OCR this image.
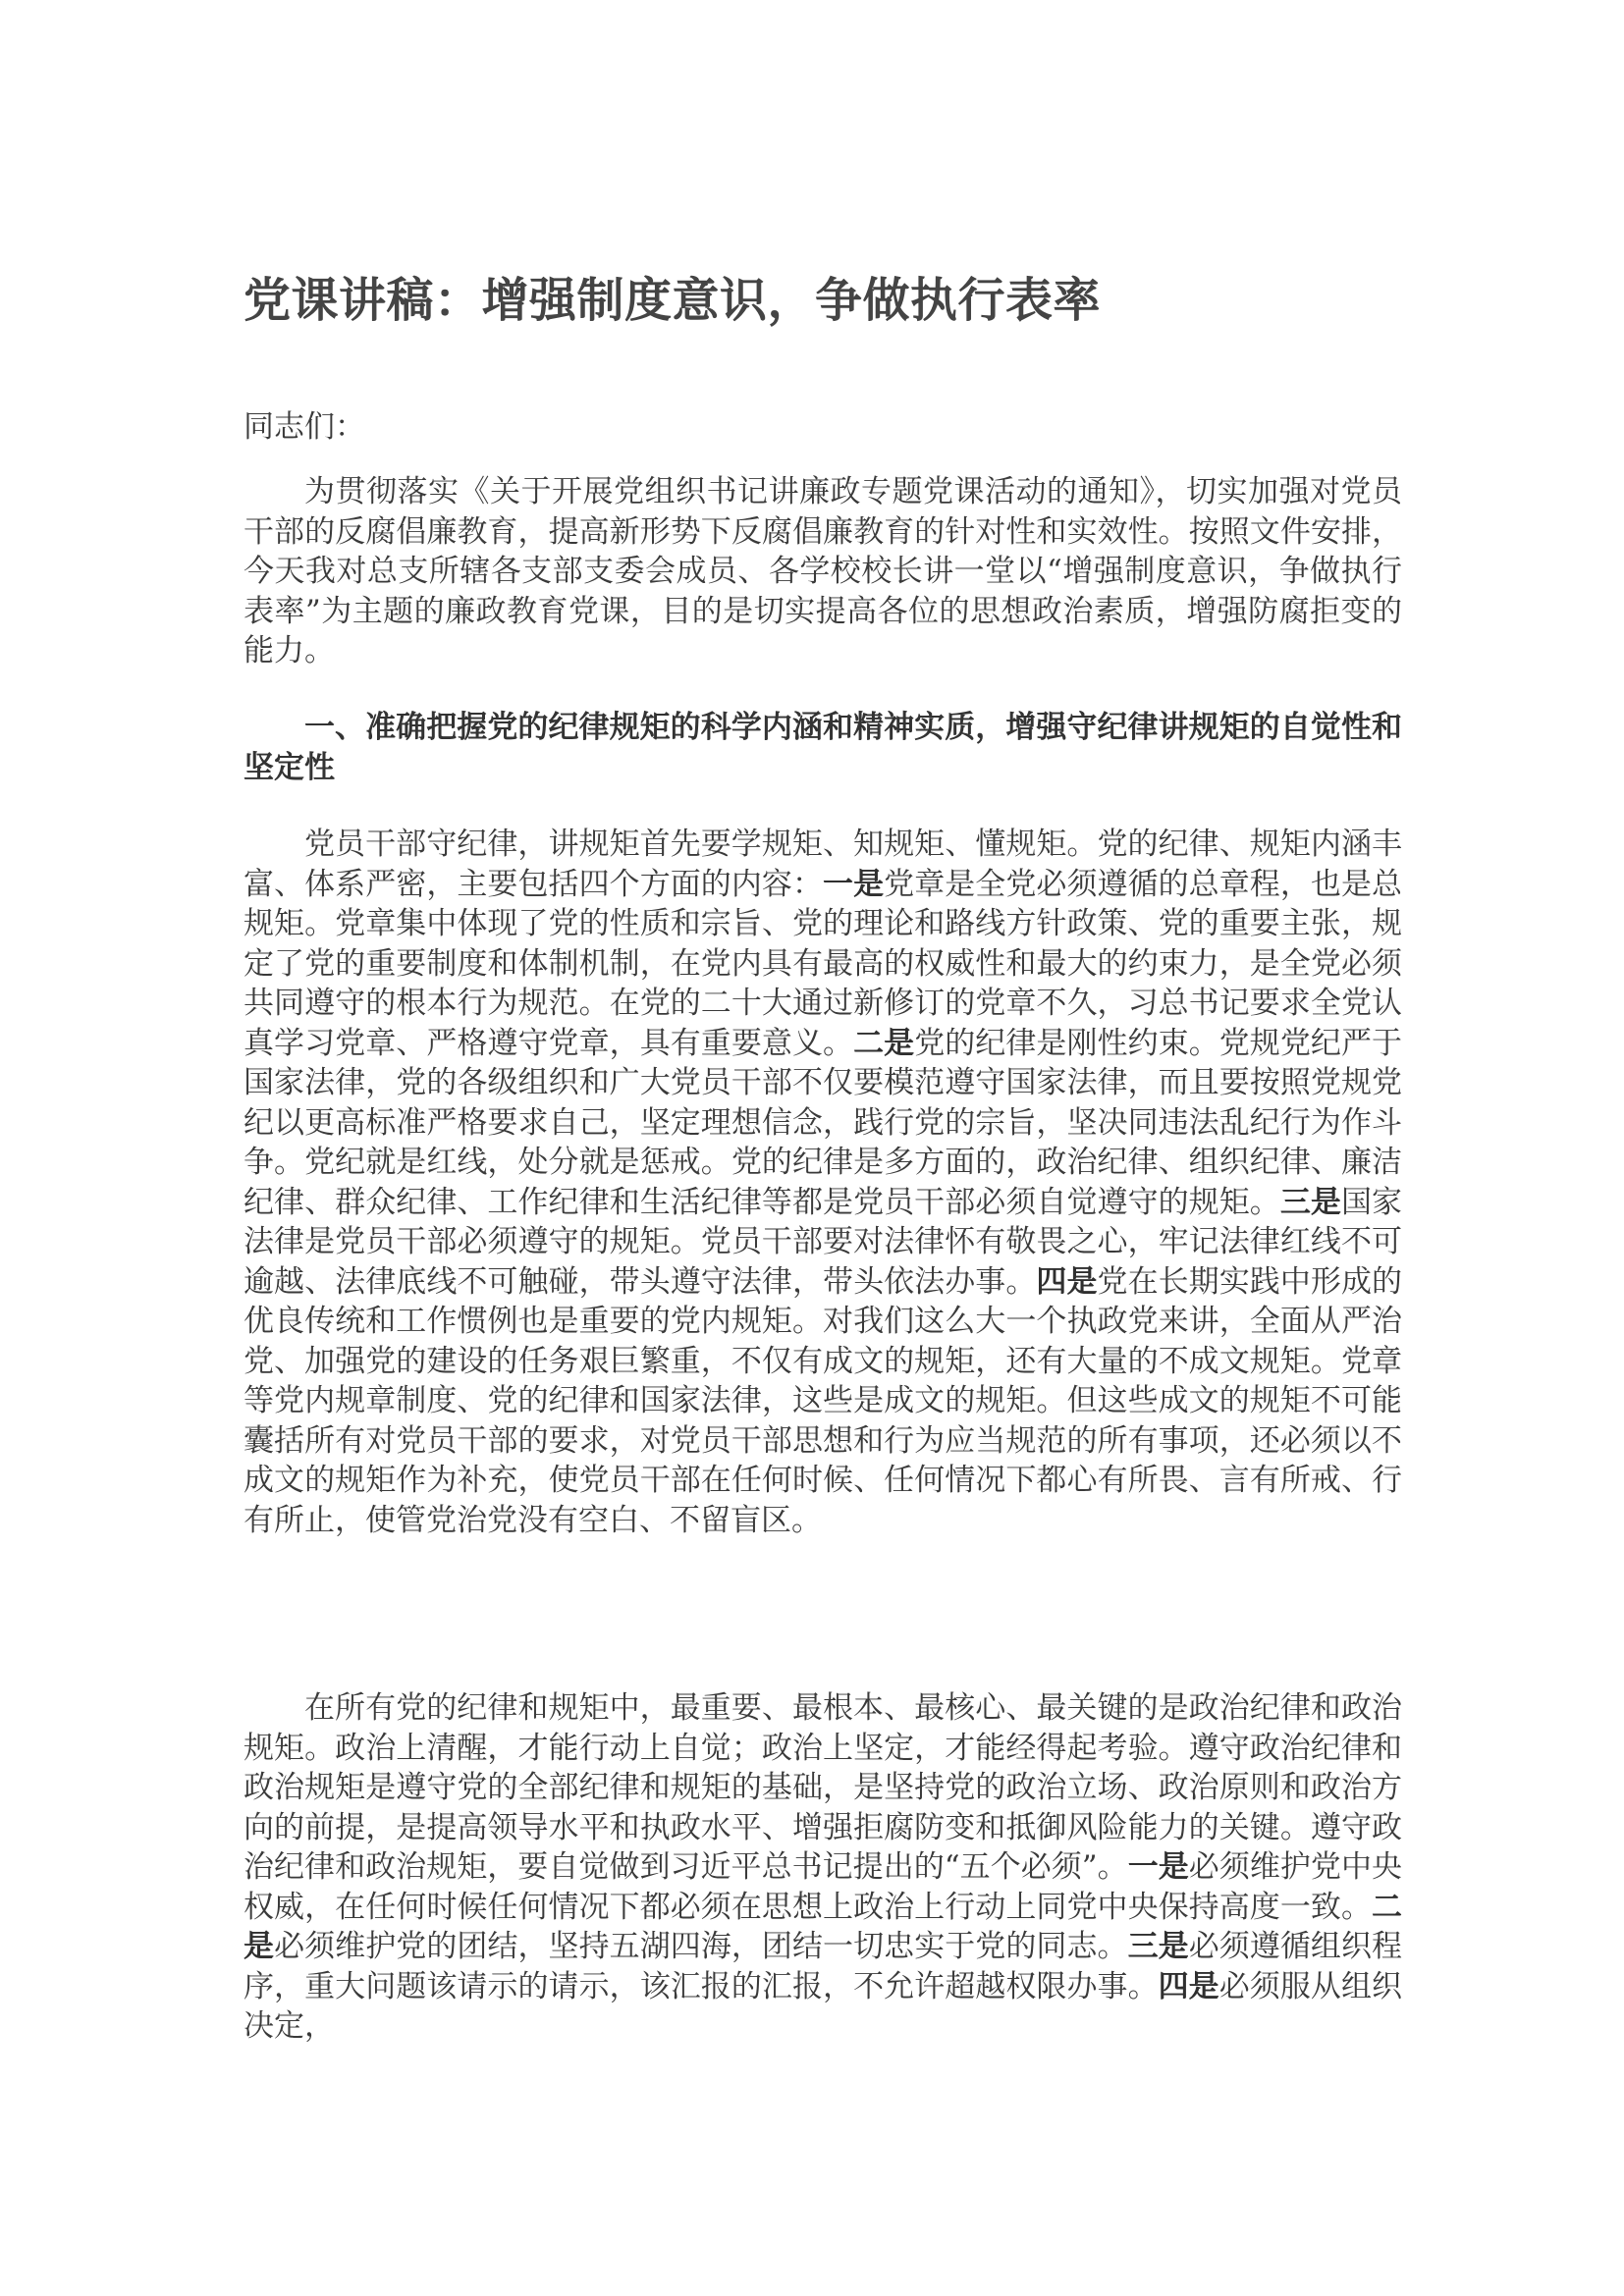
党课讲稿：增强制度意识，争做执行表率

同志们：

为贯彻落实《关于开展党组织书记讲廉政专题党课活动的通知》，切实加强对党员干部的反腐倡廉教育，提高新形势下反腐倡廉教育的针对性和实效性。按照文件安排，今天我对总支所辖各支部支委会成员、各学校校长讲一堂以“增强制度意识，争做执行表率”为主题的廉政教育党课，目的是切实提高各位的思想政治素质，增强防腐拒变的能力。

一、准确把握党的纪律规矩的科学内涵和精神实质，增强守纪律讲规矩的自觉性和坚定性

党员干部守纪律，讲规矩首先要学规矩、知规矩、懂规矩。党的纪律、规矩内涵丰富、体系严密，主要包括四个方面的内容：一是党章是全党必须遵循的总章程，也是总规矩。党章集中体现了党的性质和宗旨、党的理论和路线方针政策、党的重要主张，规定了党的重要制度和体制机制，在党内具有最高的权威性和最大的约束力，是全党必须共同遵守的根本行为规范。在党的二十大通过新修订的党章不久，习总书记要求全党认真学习党章、严格遵守党章，具有重要意义。二是党的纪律是刚性约束。党规党纪严于国家法律，党的各级组织和广大党员干部不仅要模范遵守国家法律，而且要按照党规党纪以更高标准严格要求自己，坚定理想信念，践行党的宗旨，坚决同违法乱纪行为作斗争。党纪就是红线，处分就是惩戒。党的纪律是多方面的，政治纪律、组织纪律、廉洁纪律、群众纪律、工作纪律和生活纪律等都是党员干部必须自觉遵守的规矩。三是国家法律是党员干部必须遵守的规矩。党员干部要对法律怀有敬畏之心，牢记法律红线不可逾越、法律底线不可触碰，带头遵守法律，带头依法办事。四是党在长期实践中形成的优良传统和工作惯例也是重要的党内规矩。对我们这么大一个执政党来讲，全面从严治党、加强党的建设的任务艰巨繁重，不仅有成文的规矩，还有大量的不成文规矩。党章等党内规章制度、党的纪律和国家法律，这些是成文的规矩。但这些成文的规矩不可能囊括所有对党员干部的要求，对党员干部思想和行为应当规范的所有事项，还必须以不成文的规矩作为补充，使党员干部在任何时候、任何情况下都心有所畏、言有所戒、行有所止，使管党治党没有空白、不留盲区。

在所有党的纪律和规矩中，最重要、最根本、最核心、最关键的是政治纪律和政治规矩。政治上清醒，才能行动上自觉；政治上坚定，才能经得起考验。遵守政治纪律和政治规矩是遵守党的全部纪律和规矩的基础，是坚持党的政治立场、政治原则和政治方向的前提，是提高领导水平和执政水平、增强拒腐防变和抵御风险能力的关键。遵守政治纪律和政治规矩，要自觉做到习近平总书记提出的“五个必须”。一是必须维护党中央权威，在任何时候任何情况下都必须在思想上政治上行动上同党中央保持高度一致。二是必须维护党的团结，坚持五湖四海，团结一切忠实于党的同志。三是必须遵循组织程序，重大问题该请示的请示，该汇报的汇报，不允许超越权限办事。四是必须服从组织决定，
